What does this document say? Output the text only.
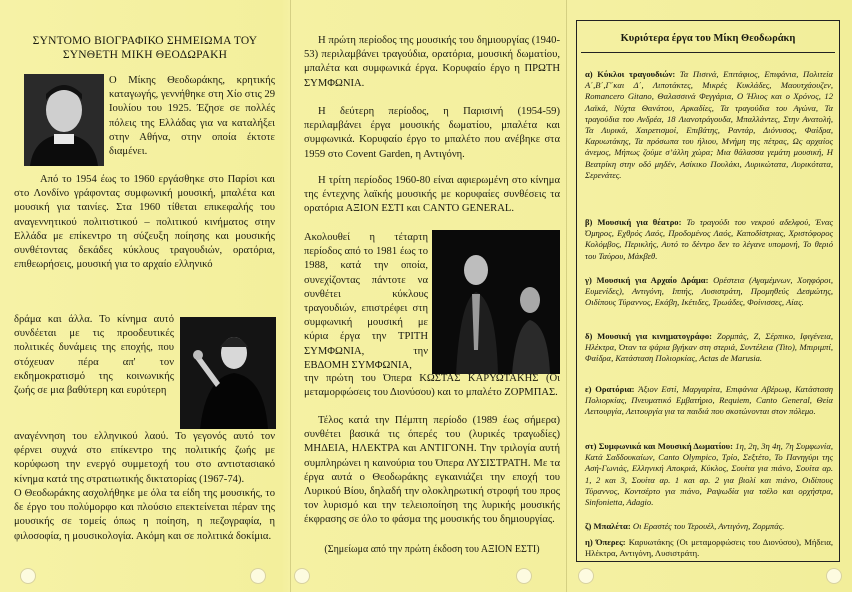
ΣΥΝΤΟΜΟ ΒΙΟΓΡΑΦΙΚΟ ΣΗΜΕΙΩΜΑ ΤΟΥ
ΣΥΝΘΕΤΗ ΜΙΚΗ ΘΕΟΔΩΡΑΚΗ
Ο Μίκης Θεοδωράκης, κρητικής καταγωγής, γεννήθηκε στη Χίο στις 29 Ιουλίου του 1925. Έζησε σε πολλές πόλεις της Ελλάδας για να καταλήξει στην Αθήνα, στην οποία έκτοτε διαμένει.
Από το 1954 έως το 1960 εργάσθηκε στο Παρίσι και στο Λονδίνο γράφοντας συμφωνική μουσική, μπαλέτα και μουσική για ταινίες. Στα 1960 τίθεται επικεφαλής του αναγεννητικού πολιτιστικού – πολιτικού κινήματος στην Ελλάδα με επίκεντρο τη σύζευξη ποίησης και μουσικής συνθέτοντας δεκάδες κύκλους τραγουδιών, ορατόρια, επιθεωρήσεις, μουσική για το αρχαίο ελληνικό
δράμα και άλλα. Το κίνημα αυτό συνδέεται με τις προοδευτικές πολιτικές δυνάμεις της εποχής, που στόχευαν πέρα απ' τον εκδημοκρατισμό της κοινωνικής ζωής σε μια βαθύτερη και ευρύτερη
αναγέννηση του ελληνικού λαού. Το γεγονός αυτό τον φέρνει συχνά στο επίκεντρο της πολιτικής ζωής με κορύφωση την ενεργό συμμετοχή του στο αντιστασιακό κίνημα κατά της στρατιωτικής δικτατορίας (1967-74).
Ο Θεοδωράκης ασχολήθηκε με όλα τα είδη της μουσικής, το δε έργο του πολύμορφο και πλούσιο επεκτείνεται πέραν της μουσικής σε τομείς όπως η ποίηση, η πεζογραφία, η φιλοσοφία, η μουσικολογία. Ακόμη και σε πολιτικά δοκίμια.
Η πρώτη περίοδος της μουσικής του δημιουργίας (1940-53) περιλαμβάνει τραγούδια, ορατόρια, μουσική δωματίου, μπαλέτα και συμφωνικά έργα. Κορυφαίο έργο η ΠΡΩΤΗ ΣΥΜΦΩΝΙΑ.
Η δεύτερη περίοδος, η Παρισινή (1954-59) περιλαμβάνει έργα μουσικής δωματίου, μπαλέτα και συμφωνικά. Κορυφαίο έργο το μπαλέτο που ανέβηκε στα 1959 στο Covent Garden, η Αντιγόνη.
Η τρίτη περίοδος 1960-80 είναι αφιερωμένη στο κίνημα της έντεχνης λαϊκής μουσικής με κορυφαίες συνθέσεις τα ορατόρια ΑΞΙΟΝ ΕΣΤΙ και CANTO GENERAL.
Ακολουθεί η τέταρτη περίοδος από το 1981 έως το 1988, κατά την οποία, συνεχίζοντας πάντοτε να συνθέτει κύκλους τραγουδιών, επιστρέφει στη συμφωνική μουσική με κύρια έργα την ΤΡΙΤΗ ΣΥΜΦΩΝΙΑ, την ΕΒΔΟΜΗ ΣΥΜΦΩΝΙΑ,
την πρώτη του Όπερα ΚΩΣΤΑΣ ΚΑΡΥΩΤΑΚΗΣ (Οι μεταμορφώσεις του Διονύσου) και το μπαλέτο ΖΟΡΜΠΑΣ.
Τέλος κατά την Πέμπτη περίοδο (1989 έως σήμερα) συνθέτει βασικά τις όπερές του (λυρικές τραγωδίες) ΜΗΔΕΙΑ, ΗΛΕΚΤΡΑ και ΑΝΤΙΓΟΝΗ. Την τριλογία αυτή συμπληρώνει η καινούρια του Όπερα ΛΥΣΙΣΤΡΑΤΗ. Με τα έργα αυτά ο Θεοδωράκης εγκαινιάζει την εποχή του Λυρικού Βίου, δηλαδή την ολοκληρωτική στροφή του προς τον λυρισμό και την τελειοποίηση της λυρικής μουσικής έκφρασης σε όλο το φάσμα της μουσικής του δημιουργίας.
(Σημείωμα από την πρώτη έκδοση του ΑΞΙΟΝ ΕΣΤΙ)
Κυριότερα έργα του Μίκη Θεοδωράκη
α) Κύκλοι τραγουδιών: Τα Πισινά, Επιτάφιος, Επιφάνια, Πολιτεία Α΄,Β΄,Γ΄και Δ΄, Λιποτάκτες, Μικρές Κυκλάδες, Μαουτχάουζεν, Romancero Gitano, Θαλασσινά Φεγγάρια, Ο Ήλιος και ο Χρόνος, 12 Λαϊκά, Νύχτα Θανάτου, Αρκαδίες, Τα τραγούδια του Αγώνα, Τα τραγούδια του Ανδρέα, 18 Λιανοτράγουδα, Μπαλλάντες, Στην Ανατολή, Τα Λυρικά, Χαιρετισμοί, Επιβάτης, Ραντάρ, Διόνυσος, Φαίδρα, Καρυωτάκης, Τα πρόσωπα του ήλιου, Μνήμη της πέτρας, Ως αρχαίος άνεμος, Μήπως ζούμε σ’άλλη χώρα; Μια θάλασσα γεμάτη μουσική, Η Βεατρίκη στην οδό μηδέν, Ασίκικο Πουλάκι, Λυρικώτατα, Λυρικότατα, Σερενάτες.
β) Μουσική για θέατρο: Το τραγούδι του νεκρού αδελφού, Ένας Όμηρος, Εχθρός Λαός, Προδομένος Λαός, Καποδίστριας, Χριστόφορος Κολόμβος, Περικλής, Αυτό το δέντρο δεν το λέγανε υπομονή, Το θεριό του Ταύρου, Μάκβεθ.
γ) Μουσική για Αρχαίο Δράμα: Ορέστεια (Αγαμέμνων, Χοηφόροι, Ευμενίδες), Αντιγόνη, Ιππής, Λυσιστράτη, Προμηθεύς Δεσμώτης, Οιδίπους Τύραννος, Εκάβη, Ικέτιδες, Τρωάδες, Φοίνισσες, Αίας.
δ) Μουσική για κινηματογράφο: Ζορμπάς, Ζ, Σέρπικο, Ιφιγένεια, Ηλέκτρα, Όταν τα ψάρια βγήκαν στη στεριά, Συντέλεια (Titο), Μπιριμπί, Φαίδρα, Κατάσταση Πολιορκίας, Actas de Marusia.
ε) Ορατόρια: Άξιον Εστί, Μαργαρίτα, Επιφάνια Αβέρωφ, Κατάσταση Πολιορκίας, Πνευματικό Εμβατήριο, Requiem, Canto General, Θεία Λειτουργία, Λειτουργία για τα παιδιά που σκοτώνονται στον πόλεμο.
στ) Συμφωνικά και Μουσική Δωματίου: 1η, 2η, 3η 4η, 7η Συμφωνία, Κατά Σαδδουκαίων, Canto Olympico, Τρίο, Σεξτέτο, Το Πανηγύρι της Ασή-Γωνιάς, Ελληνική Αποκριά, Κύκλος, Σουίτα για πιάνο, Σουίτα αρ. 1, 2 και 3, Σουίτα αρ. 1 και αρ. 2 για βιολί και πιάνο, Οιδίπους Τύραννος, Κοντσέρτο για πιάνο, Ραψωδία για τσέλο και ορχήστρα, Sinfonietta, Adagio.
ζ) Μπαλέτα: Οι Εραστές του Τερουέλ, Αντιγόνη, Ζορμπάς.
η) Όπερες: Καρυωτάκης (Οι μεταμορφώσεις του Διονύσου), Μήδεια, Ηλέκτρα, Αντιγόνη, Λυσιστράτη.
